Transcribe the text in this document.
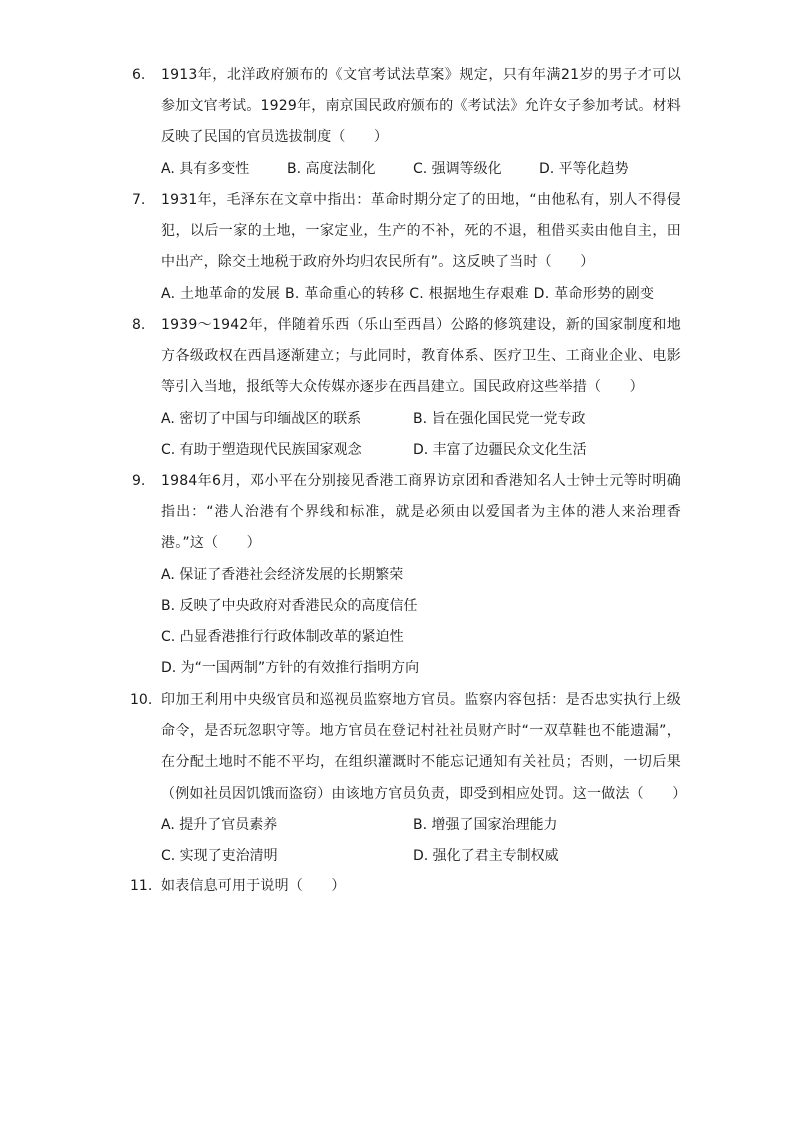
6.	1913年，北洋政府颁布的《文官考试法草案》规定，只有年满21岁的男子才可以参加文官考试。1929年，南京国民政府颁布的《考试法》允许女子参加考试。材料反映了民国的官员选拔制度（　　）
A. 具有多变性	B. 高度法制化	C. 强调等级化	D. 平等化趋势
7.	1931年，毛泽东在文章中指出：革命时期分定了的田地，“由他私有，别人不得侵犯，以后一家的土地，一家定业，生产的不补，死的不退，租借买卖由他自主，田中出产，除交土地税于政府外均归农民所有”。这反映了当时（　　）
A. 土地革命的发展 B. 革命重心的转移 C. 根据地生存艰难 D. 革命形势的剧变
8.	1939～1942年，伴随着乐西（乐山至西昌）公路的修筑建设，新的国家制度和地方各级政权在西昌逐渐建立；与此同时，教育体系、医疗卫生、工商业企业、电影等引入当地，报纸等大众传媒亦逐步在西昌建立。国民政府这些举措（　　）
A. 密切了中国与印缅战区的联系	B. 旨在强化国民党一党专政
C. 有助于塑造现代民族国家观念	D. 丰富了边疆民众文化生活
9.	1984年6月，邓小平在分别接见香港工商界访京团和香港知名人士钟士元等时明确指出：“港人治港有个界线和标准，就是必须由以爱国者为主体的港人来治理香港。”这（　　）
A. 保证了香港社会经济发展的长期繁荣
B. 反映了中央政府对香港民众的高度信任
C. 凸显香港推行行政体制改革的紧迫性
D. 为“一国两制”方针的有效推行指明方向
10. 印加王利用中央级官员和巡视员监察地方官员。监察内容包括：是否忠实执行上级命令，是否玩忽职守等。地方官员在登记村社社员财产时“一双草鞋也不能遗漏”，在分配土地时不能不平均，在组织灌溉时不能忘记通知有关社员；否则，一切后果（例如社员因饥饿而盗窃）由该地方官员负责，即受到相应处罚。这一做法（　　）
A. 提升了官员素养	B. 增强了国家治理能力
C. 实现了吏治清明	D. 强化了君主专制权威
11. 如表信息可用于说明（　　）
